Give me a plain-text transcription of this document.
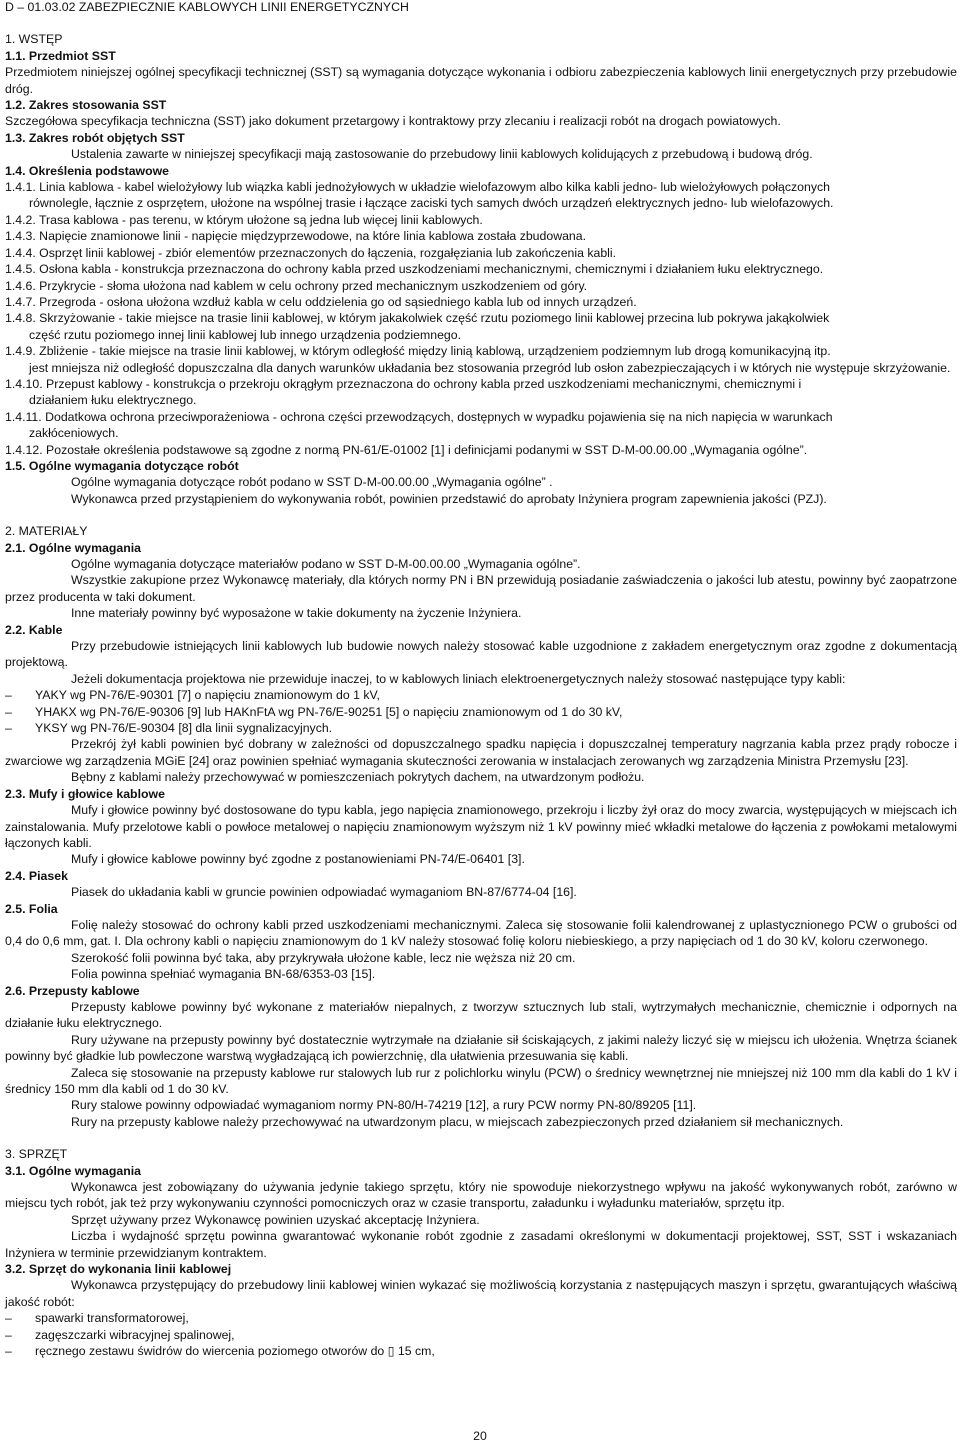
D – 01.03.02 ZABEZPIECZNIE KABLOWYCH LINII ENERGETYCZNYCH

1. WSTĘP

1.1. Przedmiot SST

Przedmiotem niniejszej ogólnej specyfikacji technicznej (SST) są wymagania dotyczące wykonania i odbioru zabezpieczenia kablowych linii energetycznych przy przebudowie dróg.

1.2. Zakres stosowania SST

Szczegółowa specyfikacja techniczna (SST) jako dokument przetargowy i kontraktowy przy zlecaniu i realizacji robót na drogach powiatowych.

1.3. Zakres robót objętych SST

Ustalenia zawarte w niniejszej specyfikacji mają zastosowanie do przebudowy linii kablowych kolidujących z przebudową i budową dróg.

1.4. Określenia podstawowe

1.4.1. Linia kablowa - kabel wielożyłowy lub wiązka kabli jednożyłowych w układzie wielofazowym albo kilka kabli jedno- lub wielożyłowych połączonych

równolegle, łącznie z osprzętem, ułożone na wspólnej trasie i łączące zaciski tych samych dwóch urządzeń elektrycznych jedno- lub wielofazowych.

1.4.2. Trasa kablowa - pas terenu, w którym ułożone są jedna lub więcej linii kablowych.

1.4.3. Napięcie znamionowe linii - napięcie międzyprzewodowe, na które linia kablowa została zbudowana.

1.4.4. Osprzęt linii kablowej - zbiór elementów przeznaczonych do łączenia, rozgałęziania lub zakończenia kabli.

1.4.5. Osłona kabla - konstrukcja przeznaczona do ochrony kabla przed uszkodzeniami mechanicznymi, chemicznymi i działaniem łuku elektrycznego.

1.4.6. Przykrycie - słoma ułożona nad kablem w celu ochrony przed mechanicznym uszkodzeniem od góry.

1.4.7. Przegroda - osłona ułożona wzdłuż kabla w celu oddzielenia go od sąsiedniego kabla lub od innych urządzeń.

1.4.8. Skrzyżowanie - takie miejsce na trasie linii kablowej, w którym jakakolwiek część rzutu poziomego linii kablowej przecina lub pokrywa jakąkolwiek

część rzutu poziomego innej linii kablowej lub innego urządzenia podziemnego.

1.4.9. Zbliżenie - takie miejsce na trasie linii kablowej, w którym odległość między linią kablową, urządzeniem podziemnym lub drogą komunikacyjną itp.

jest mniejsza niż odległość dopuszczalna dla danych warunków układania bez stosowania przegród lub osłon zabezpieczających i w których nie występuje skrzyżowanie.

1.4.10. Przepust kablowy - konstrukcja o przekroju okrągłym przeznaczona do ochrony kabla przed uszkodzeniami mechanicznymi, chemicznymi i

działaniem łuku elektrycznego.

1.4.11. Dodatkowa ochrona przeciwporażeniowa - ochrona części przewodzących, dostępnych w wypadku pojawienia się na nich napięcia w warunkach

zakłóceniowych.

1.4.12. Pozostałe określenia podstawowe są zgodne z normą PN-61/E-01002 [1] i definicjami podanymi w SST D-M-00.00.00 „Wymagania ogólne”.

1.5. Ogólne wymagania dotyczące robót

Ogólne wymagania dotyczące robót podano w SST D-M-00.00.00 „Wymagania ogólne” .

Wykonawca przed przystąpieniem do wykonywania robót, powinien przedstawić do aprobaty Inżyniera program zapewnienia jakości (PZJ).

2. MATERIAŁY

2.1. Ogólne wymagania

Ogólne wymagania dotyczące materiałów podano w SST D-M-00.00.00 „Wymagania ogólne”.

Wszystkie zakupione przez Wykonawcę materiały, dla których normy PN i BN przewidują posiadanie zaświadczenia o jakości lub atestu, powinny być zaopatrzone przez producenta w taki dokument.

Inne materiały powinny być wyposażone w takie dokumenty na życzenie Inżyniera.

2.2. Kable

Przy przebudowie istniejących linii kablowych lub budowie nowych należy stosować kable uzgodnione z zakładem energetycznym oraz zgodne z dokumentacją projektową.

Jeżeli dokumentacja projektowa nie przewiduje inaczej, to w kablowych liniach elektroenergetycznych należy stosować następujące typy kabli:

– YAKY wg PN-76/E-90301 [7] o napięciu znamionowym do 1 kV,

– YHAKX wg PN-76/E-90306 [9] lub HAKnFtA wg PN-76/E-90251 [5] o napięciu znamionowym od 1 do 30 kV,

– YKSY wg PN-76/E-90304 [8] dla linii sygnalizacyjnych.

Przekrój żył kabli powinien być dobrany w zależności od dopuszczalnego spadku napięcia i dopuszczalnej temperatury nagrzania kabla przez prądy robocze i zwarciowe wg zarządzenia MGiE [24] oraz powinien spełniać wymagania skuteczności zerowania w instalacjach zerowanych wg zarządzenia Ministra Przemysłu [23].

Bębny z kablami należy przechowywać w pomieszczeniach pokrytych dachem, na utwardzonym podłożu.

2.3. Mufy i głowice kablowe

Mufy i głowice powinny być dostosowane do typu kabla, jego napięcia znamionowego, przekroju i liczby żył oraz do mocy zwarcia, występujących w miejscach ich zainstalowania. Mufy przelotowe kabli o powłoce metalowej o napięciu znamionowym wyższym niż 1 kV powinny mieć wkładki metalowe do łączenia z powłokami metalowymi łączonych kabli.

Mufy i głowice kablowe powinny być zgodne z postanowieniami PN-74/E-06401 [3].

2.4. Piasek

Piasek do układania kabli w gruncie powinien odpowiadać wymaganiom BN-87/6774-04 [16].

2.5. Folia

Folię należy stosować do ochrony kabli przed uszkodzeniami mechanicznymi. Zaleca się stosowanie folii kalendrowanej z uplastycznionego PCW o grubości od 0,4 do 0,6 mm, gat. I. Dla ochrony kabli o napięciu znamionowym do 1 kV należy stosować folię koloru niebieskiego, a przy napięciach od 1 do 30 kV, koloru czerwonego.

Szerokość folii powinna być taka, aby przykrywała ułożone kable, lecz nie węższa niż 20 cm.

Folia powinna spełniać wymagania BN-68/6353-03 [15].

2.6. Przepusty kablowe

Przepusty kablowe powinny być wykonane z materiałów niepalnych, z tworzyw sztucznych lub stali, wytrzymałych mechanicznie, chemicznie i odpornych na działanie łuku elektrycznego.

Rury używane na przepusty powinny być dostatecznie wytrzymałe na działanie sił ściskających, z jakimi należy liczyć się w miejscu ich ułożenia. Wnętrza ścianek powinny być gładkie lub powleczone warstwą wygładzającą ich powierzchnię, dla ułatwienia przesuwania się kabli.

Zaleca się stosowanie na przepusty kablowe rur stalowych lub rur z polichlorku winylu (PCW) o średnicy wewnętrznej nie mniejszej niż 100 mm dla kabli do 1 kV i średnicy 150 mm dla kabli od 1 do 30 kV.

Rury stalowe powinny odpowiadać wymaganiom normy PN-80/H-74219 [12], a rury PCW normy PN-80/89205 [11].

Rury na przepusty kablowe należy przechowywać na utwardzonym placu, w miejscach zabezpieczonych przed działaniem sił mechanicznych.

3. SPRZĘT

3.1. Ogólne wymagania

Wykonawca jest zobowiązany do używania jedynie takiego sprzętu, który nie spowoduje niekorzystnego wpływu na jakość wykonywanych robót, zarówno w miejscu tych robót, jak też przy wykonywaniu czynności pomocniczych oraz w czasie transportu, załadunku i wyładunku materiałów, sprzętu itp.

Sprzęt używany przez Wykonawcę powinien uzyskać akceptację Inżyniera.

Liczba i wydajność sprzętu powinna gwarantować wykonanie robót zgodnie z zasadami określonymi w dokumentacji projektowej, SST, SST i wskazaniach Inżyniera w terminie przewidzianym kontraktem.

3.2. Sprzęt do wykonania linii kablowej

Wykonawca przystępujący do przebudowy linii kablowej winien wykazać się możliwością korzystania z następujących maszyn i sprzętu, gwarantujących właściwą jakość robót:

– spawarki transformatorowej,

– zagęszczarki wibracyjnej spalinowej,

– ręcznego zestawu świdrów do wiercenia poziomego otworów do ▯ 15 cm,

20
